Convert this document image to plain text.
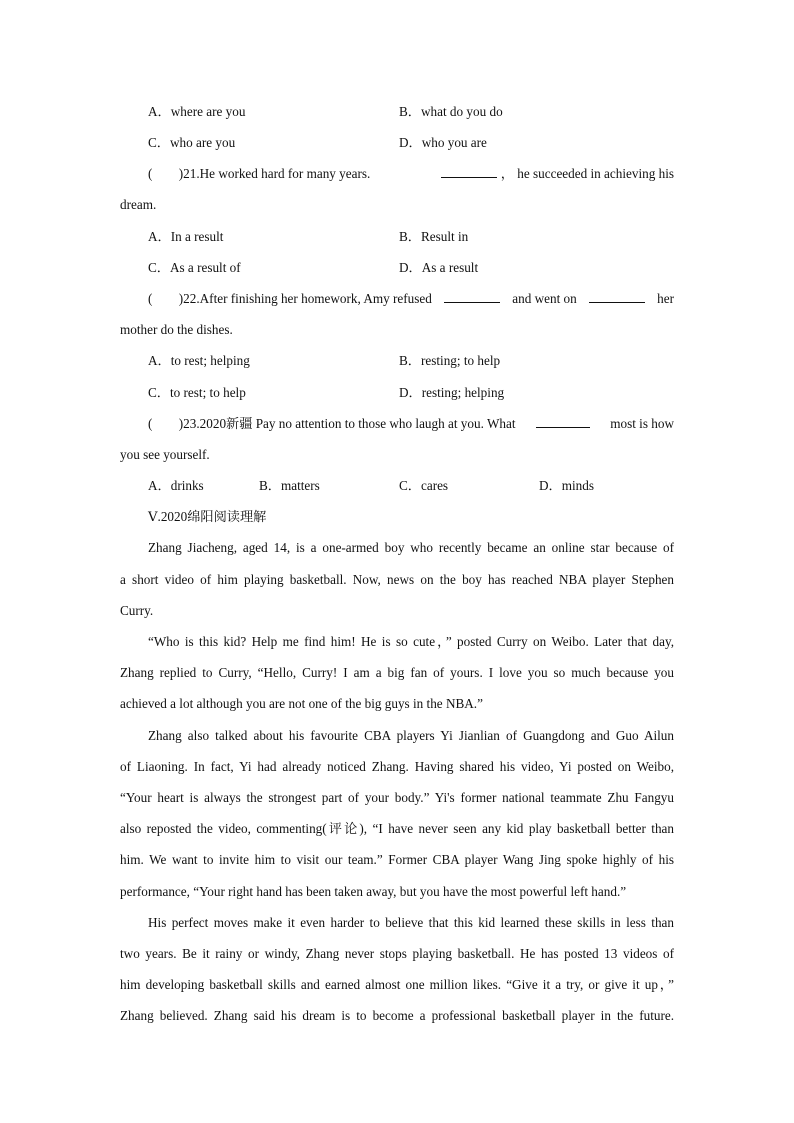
A．where are you	B．what do you do
C．who are you	D．who you are
(　　)21.He worked hard for many years.	， he succeeded in achieving his
dream.
A．In a result	B．Result in
C．As a result of	D．As a result
(　　)22.After finishing her homework, Amy refused	and went on	her
mother do the dishes.
A．to rest; helping	B．resting; to help
C．to rest; to help	D．resting; helping
(　　)23.2020新疆 Pay no attention to those who laugh at you. What	most is how
you see yourself.
A．drinks	B．matters	C．cares	D．minds
Ⅴ.2020绵阳阅读理解
Zhang Jiacheng, aged 14, is a one-armed boy who recently became an online star because of
a short video of him playing basketball. Now, news on the boy has reached NBA player Stephen
Curry.
“Who is this kid? Help me find him! He is so cute，” posted Curry on Weibo. Later that day,
Zhang replied to Curry, “Hello, Curry! I am a big fan of yours. I love you so much because you
achieved a lot although you are not one of the big guys in the NBA.”
Zhang also talked about his favourite CBA players Yi Jianlian of Guangdong and Guo Ailun
of Liaoning. In fact, Yi had already noticed Zhang. Having shared his video, Yi posted on Weibo,
“Your heart is always the strongest part of your body.” Yi's former national teammate Zhu Fangyu
also reposted the video, commenting(评论), “I have never seen any kid play basketball better than
him. We want to invite him to visit our team.” Former CBA player Wang Jing spoke highly of his
performance, “Your right hand has been taken away, but you have the most powerful left hand.”
His perfect moves make it even harder to believe that this kid learned these skills in less than
two years. Be it rainy or windy, Zhang never stops playing basketball. He has posted 13 videos of
him developing basketball skills and earned almost one million likes. “Give it a try, or give it up，”
Zhang believed. Zhang said his dream is to become a professional basketball player in the future.
